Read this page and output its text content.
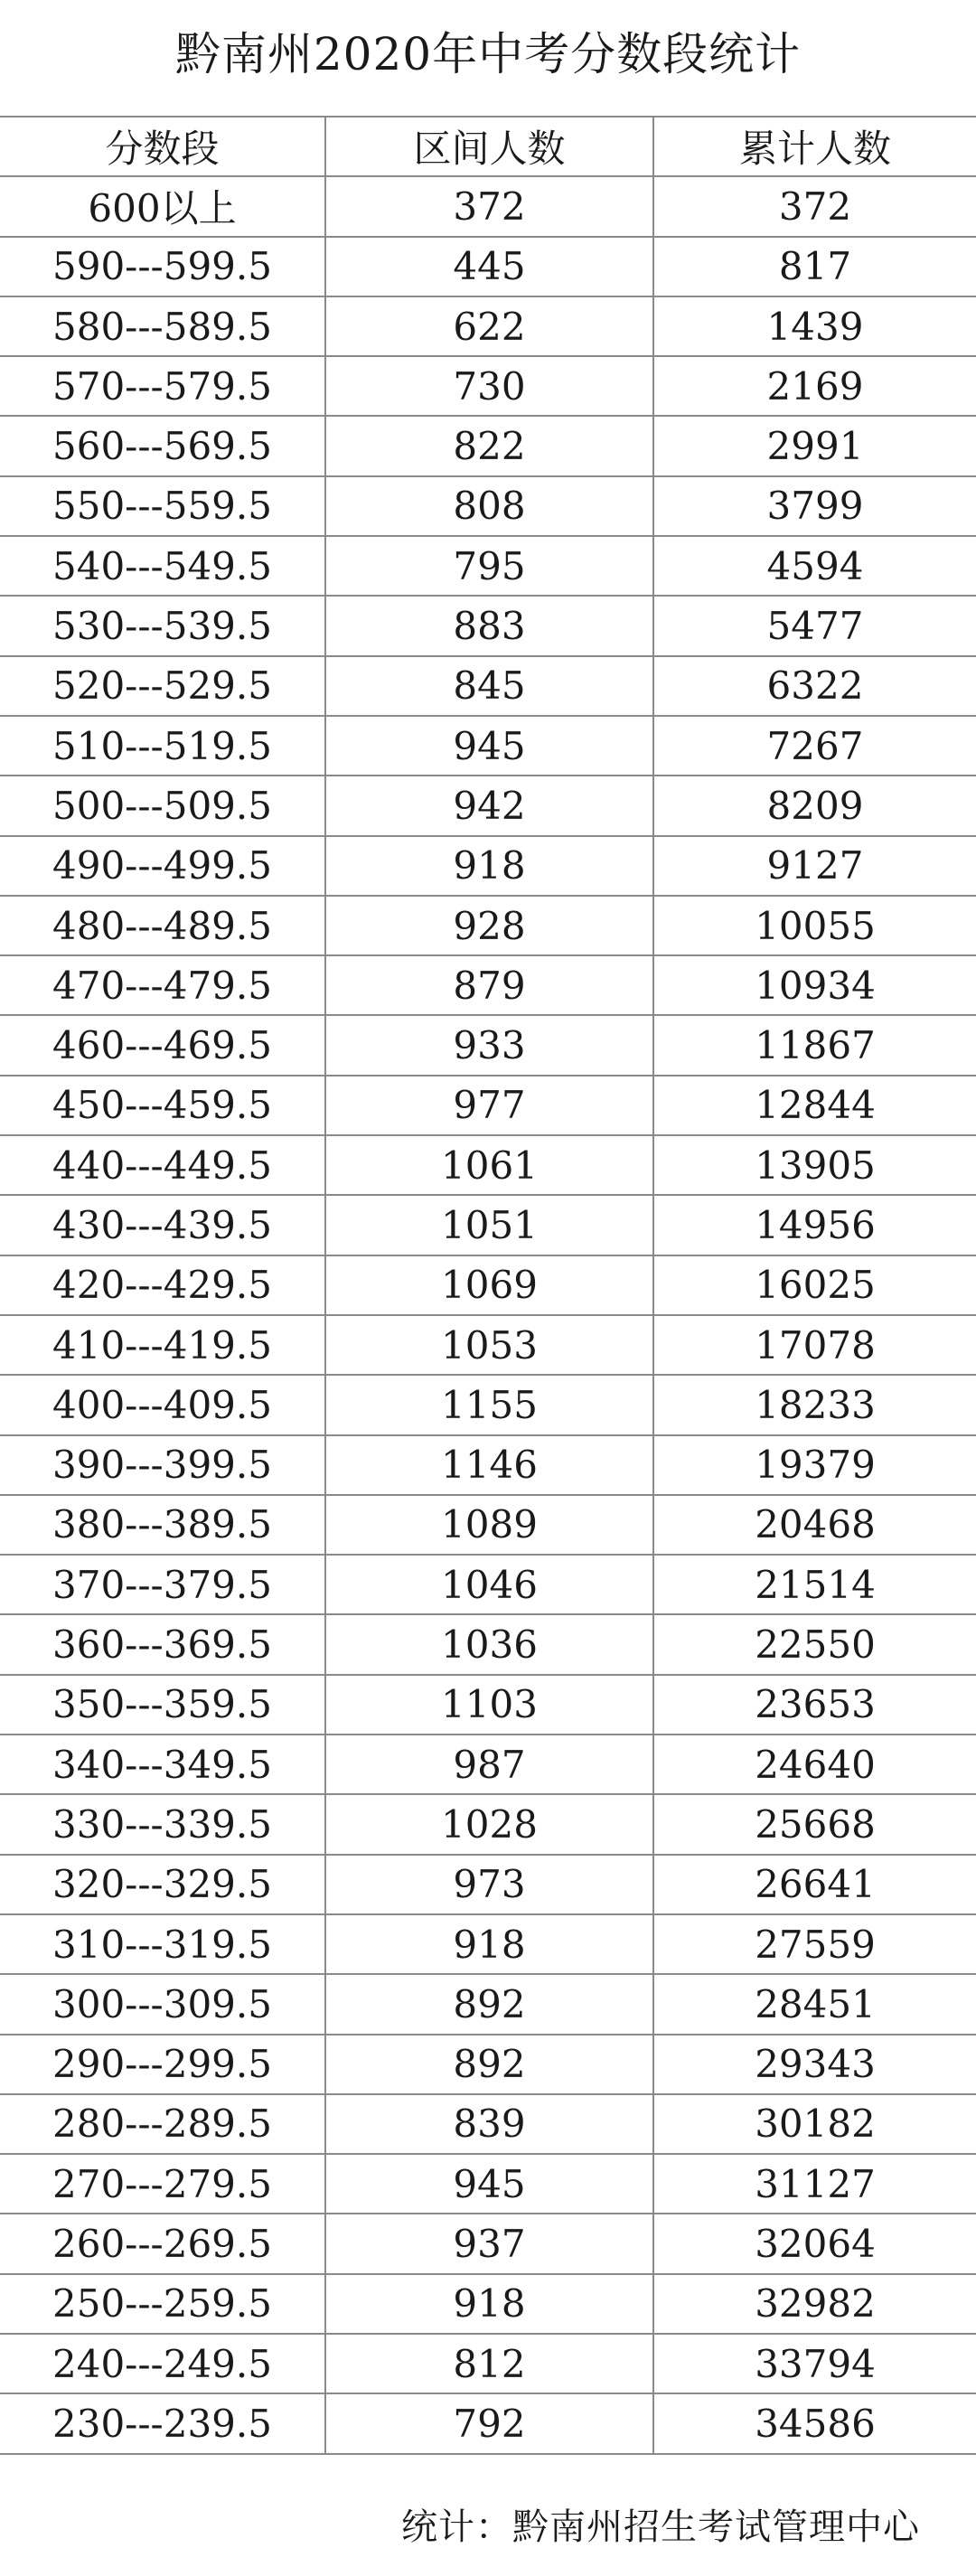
黔南州2020年中考分数段统计
分数段	区间人数	累计人数
600以上	372	372
590---599.5	445	817
580---589.5	622	1439
570---579.5	730	2169
560---569.5	822	2991
550---559.5	808	3799
540---549.5	795	4594
530---539.5	883	5477
520---529.5	845	6322
510---519.5	945	7267
500---509.5	942	8209
490---499.5	918	9127
480---489.5	928	10055
470---479.5	879	10934
460---469.5	933	11867
450---459.5	977	12844
440---449.5	1061	13905
430---439.5	1051	14956
420---429.5	1069	16025
410---419.5	1053	17078
400---409.5	1155	18233
390---399.5	1146	19379
380---389.5	1089	20468
370---379.5	1046	21514
360---369.5	1036	22550
350---359.5	1103	23653
340---349.5	987	24640
330---339.5	1028	25668
320---329.5	973	26641
310---319.5	918	27559
300---309.5	892	28451
290---299.5	892	29343
280---289.5	839	30182
270---279.5	945	31127
260---269.5	937	32064
250---259.5	918	32982
240---249.5	812	33794
230---239.5	792	34586
统计：黔南州招生考试管理中心
